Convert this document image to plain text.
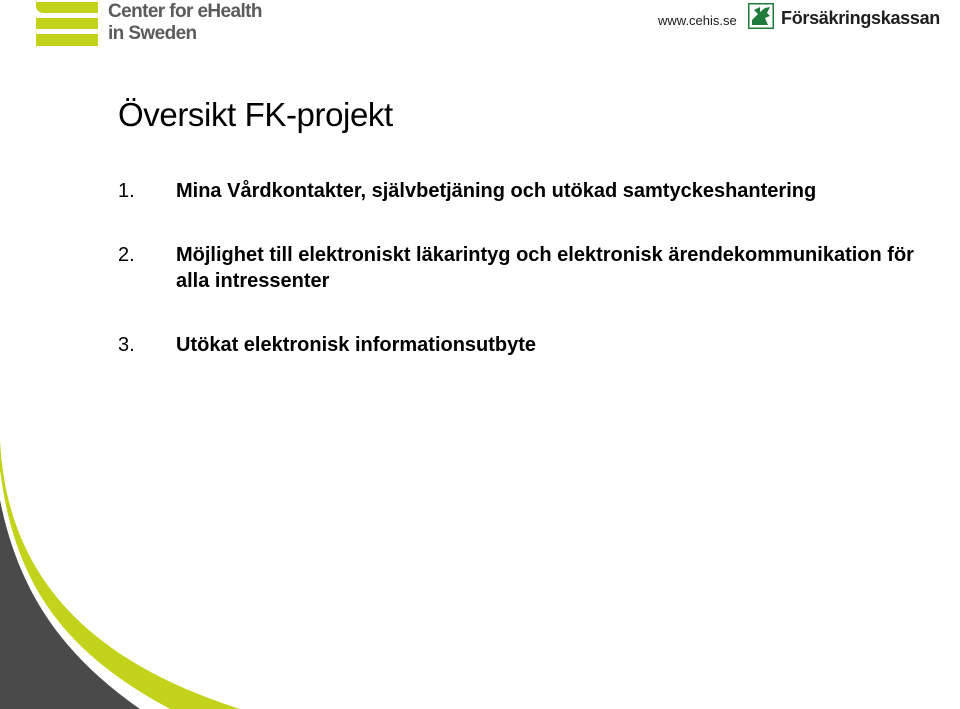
Center for eHealth
in Sweden
www.cehis.se Försäkringskassan
Översikt FK-projekt
1. Mina Vårdkontakter, självbetjäning och utökad samtyckeshantering
2. Möjlighet till elektroniskt läkarintyg och elektronisk ärendekommunikation för alla intressenter
3. Utökat elektronisk informationsutbyte
